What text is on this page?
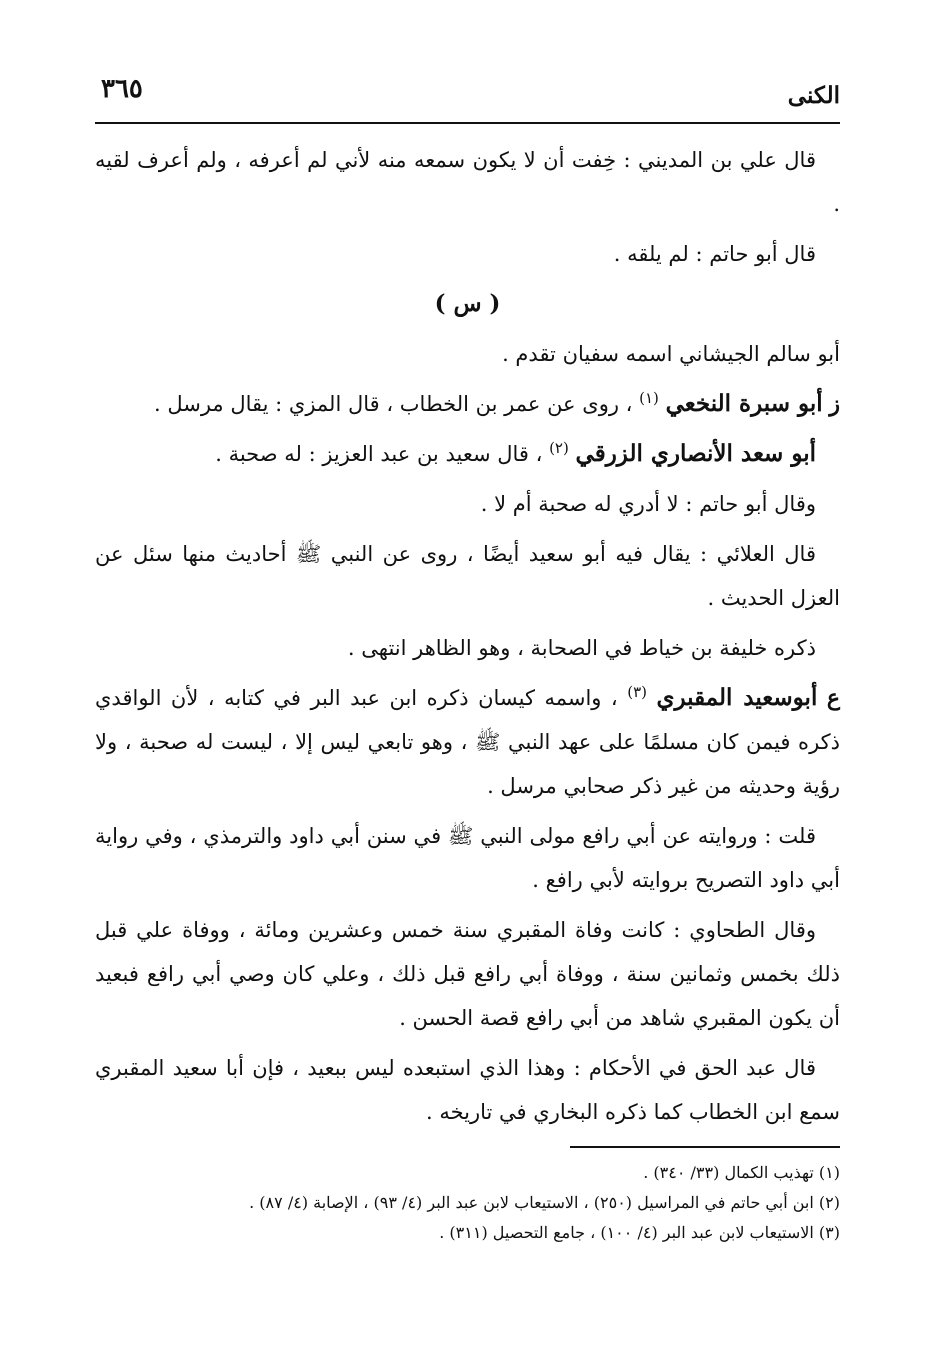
الكنى
٣٦٥

قال علي بن المديني : خِفت أن لا يكون سمعه منه لأني لم أعرفه ، ولم أعرف لقيه .

قال أبو حاتم : لم يلقه .

( س )

أبو سالم الجيشاني اسمه سفيان تقدم .

ز أبو سبرة النخعي $^{(١)}$ ، روى عن عمر بن الخطاب ، قال المزي : يقال مرسل .

أبو سعد الأنصاري الزرقي $^{(٢)}$ ، قال سعيد بن عبد العزيز : له صحبة .

وقال أبو حاتم : لا أدري له صحبة أم لا .

قال العلائي : يقال فيه أبو سعيد أيضًا ، روى عن النبي ﷺ أحاديث منها سئل عن العزل الحديث .

ذكره خليفة بن خياط في الصحابة ، وهو الظاهر انتهى .

ع أبوسعيد المقبري $^{(٣)}$ ، واسمه كيسان ذكره ابن عبد البر في كتابه ، لأن الواقدي ذكره فيمن كان مسلمًا على عهد النبي ﷺ ، وهو تابعي ليس إلا ، ليست له صحبة ، ولا رؤية وحديثه من غير ذكر صحابي مرسل .

قلت : وروايته عن أبي رافع مولى النبي ﷺ في سنن أبي داود والترمذي ، وفي رواية أبي داود التصريح بروايته لأبي رافع .

وقال الطحاوي : كانت وفاة المقبري سنة خمس وعشرين ومائة ، ووفاة علي قبل ذلك بخمس وثمانين سنة ، ووفاة أبي رافع قبل ذلك ، وعلي كان وصي أبي رافع فبعيد أن يكون المقبري شاهد من أبي رافع قصة الحسن .

قال عبد الحق في الأحكام : وهذا الذي استبعده ليس ببعيد ، فإن أبا سعيد المقبري سمع ابن الخطاب كما ذكره البخاري في تاريخه .

(١) تهذيب الكمال (٣٣/ ٣٤٠) .

(٢) ابن أبي حاتم في المراسيل (٢٥٠) ، الاستيعاب لابن عبد البر (٤/ ٩٣) ، الإصابة (٤/ ٨٧) .

(٣) الاستيعاب لابن عبد البر (٤/ ١٠٠) ، جامع التحصيل (٣١١) .
